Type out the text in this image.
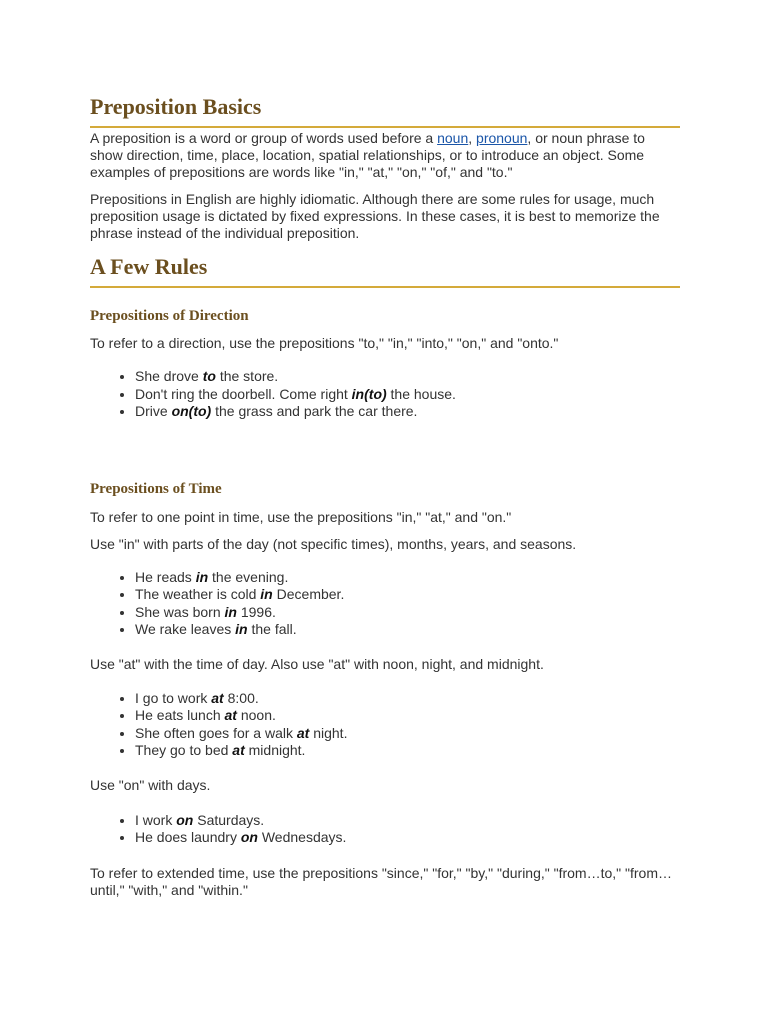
Preposition Basics

A preposition is a word or group of words used before a noun, pronoun, or noun phrase to show direction, time, place, location, spatial relationships, or to introduce an object. Some examples of prepositions are words like "in," "at," "on," "of," and "to."

Prepositions in English are highly idiomatic. Although there are some rules for usage, much preposition usage is dictated by fixed expressions. In these cases, it is best to memorize the phrase instead of the individual preposition.

A Few Rules
Prepositions of Direction

To refer to a direction, use the prepositions "to," "in," "into," "on," and "onto."

• She drove to the store.
• Don't ring the doorbell. Come right in(to) the house.
• Drive on(to) the grass and park the car there.
Prepositions of Time

To refer to one point in time, use the prepositions "in," "at," and "on."

Use "in" with parts of the day (not specific times), months, years, and seasons.

• He reads in the evening.
• The weather is cold in December.
• She was born in 1996.
• We rake leaves in the fall.

Use "at" with the time of day. Also use "at" with noon, night, and midnight.

• I go to work at 8:00.
• He eats lunch at noon.
• She often goes for a walk at night.
• They go to bed at midnight.

Use "on" with days.

• I work on Saturdays.
• He does laundry on Wednesdays.

To refer to extended time, use the prepositions "since," "for," "by," "during," "from…to," "from…until," "with," and "within."
